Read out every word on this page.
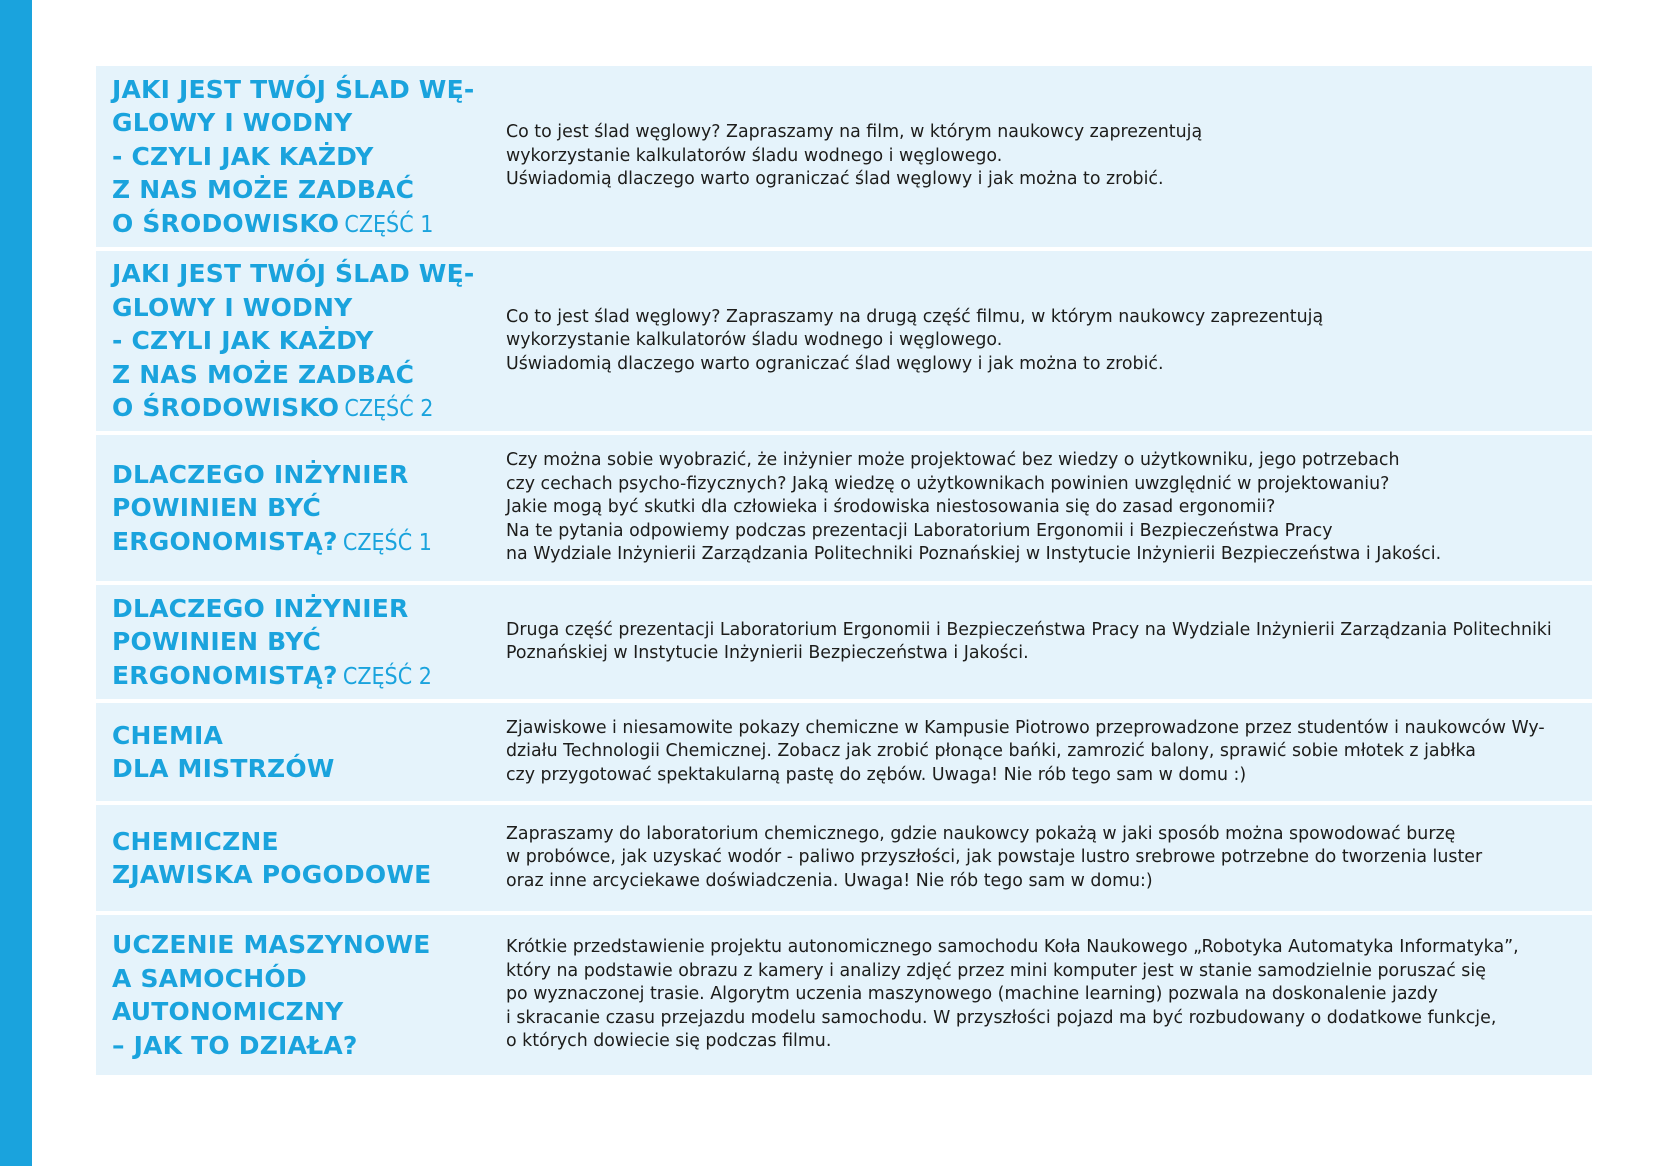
JAKI JEST TWÓJ ŚLAD WĘ-
GLOWY I WODNY
- CZYLI JAK KAŻDY
Z NAS MOŻE ZADBAĆ
O ŚRODOWISKO CZĘŚĆ 1
Co to jest ślad węglowy? Zapraszamy na film, w którym naukowcy zaprezentują
wykorzystanie kalkulatorów śladu wodnego i węglowego.
Uświadomią dlaczego warto ograniczać ślad węglowy i jak można to zrobić.
JAKI JEST TWÓJ ŚLAD WĘ-
GLOWY I WODNY
- CZYLI JAK KAŻDY
Z NAS MOŻE ZADBAĆ
O ŚRODOWISKO CZĘŚĆ 2
Co to jest ślad węglowy? Zapraszamy na drugą część filmu, w którym naukowcy zaprezentują
wykorzystanie kalkulatorów śladu wodnego i węglowego.
Uświadomią dlaczego warto ograniczać ślad węglowy i jak można to zrobić.
DLACZEGO INŻYNIER
POWINIEN BYĆ
ERGONOMISTĄ? CZĘŚĆ 1
Czy można sobie wyobrazić, że inżynier może projektować bez wiedzy o użytkowniku, jego potrzebach
czy cechach psycho-fizycznych? Jaką wiedzę o użytkownikach powinien uwzględnić w projektowaniu?
Jakie mogą być skutki dla człowieka i środowiska niestosowania się do zasad ergonomii?
Na te pytania odpowiemy podczas prezentacji Laboratorium Ergonomii i Bezpieczeństwa Pracy
na Wydziale Inżynierii Zarządzania Politechniki Poznańskiej w Instytucie Inżynierii Bezpieczeństwa i Jakości.
DLACZEGO INŻYNIER
POWINIEN BYĆ
ERGONOMISTĄ? CZĘŚĆ 2
Druga część prezentacji Laboratorium Ergonomii i Bezpieczeństwa Pracy na Wydziale Inżynierii Zarządzania Politechniki
Poznańskiej w Instytucie Inżynierii Bezpieczeństwa i Jakości.
CHEMIA
DLA MISTRZÓW
Zjawiskowe i niesamowite pokazy chemiczne w Kampusie Piotrowo przeprowadzone przez studentów i naukowców Wy-
działu Technologii Chemicznej. Zobacz jak zrobić płonące bańki, zamrozić balony, sprawić sobie młotek z jabłka
czy przygotować spektakularną pastę do zębów. Uwaga! Nie rób tego sam w domu :)
CHEMICZNE
ZJAWISKA POGODOWE
Zapraszamy do laboratorium chemicznego, gdzie naukowcy pokażą w jaki sposób można spowodować burzę
w probówce, jak uzyskać wodór - paliwo przyszłości, jak powstaje lustro srebrowe potrzebne do tworzenia luster
oraz inne arcyciekawe doświadczenia. Uwaga! Nie rób tego sam w domu:)
UCZENIE MASZYNOWE
A SAMOCHÓD
AUTONOMICZNY
– JAK TO DZIAŁA?
Krótkie przedstawienie projektu autonomicznego samochodu Koła Naukowego „Robotyka Automatyka Informatyka”,
który na podstawie obrazu z kamery i analizy zdjęć przez mini komputer jest w stanie samodzielnie poruszać się
po wyznaczonej trasie. Algorytm uczenia maszynowego (machine learning) pozwala na doskonalenie jazdy
i skracanie czasu przejazdu modelu samochodu. W przyszłości pojazd ma być rozbudowany o dodatkowe funkcje,
o których dowiecie się podczas filmu.
